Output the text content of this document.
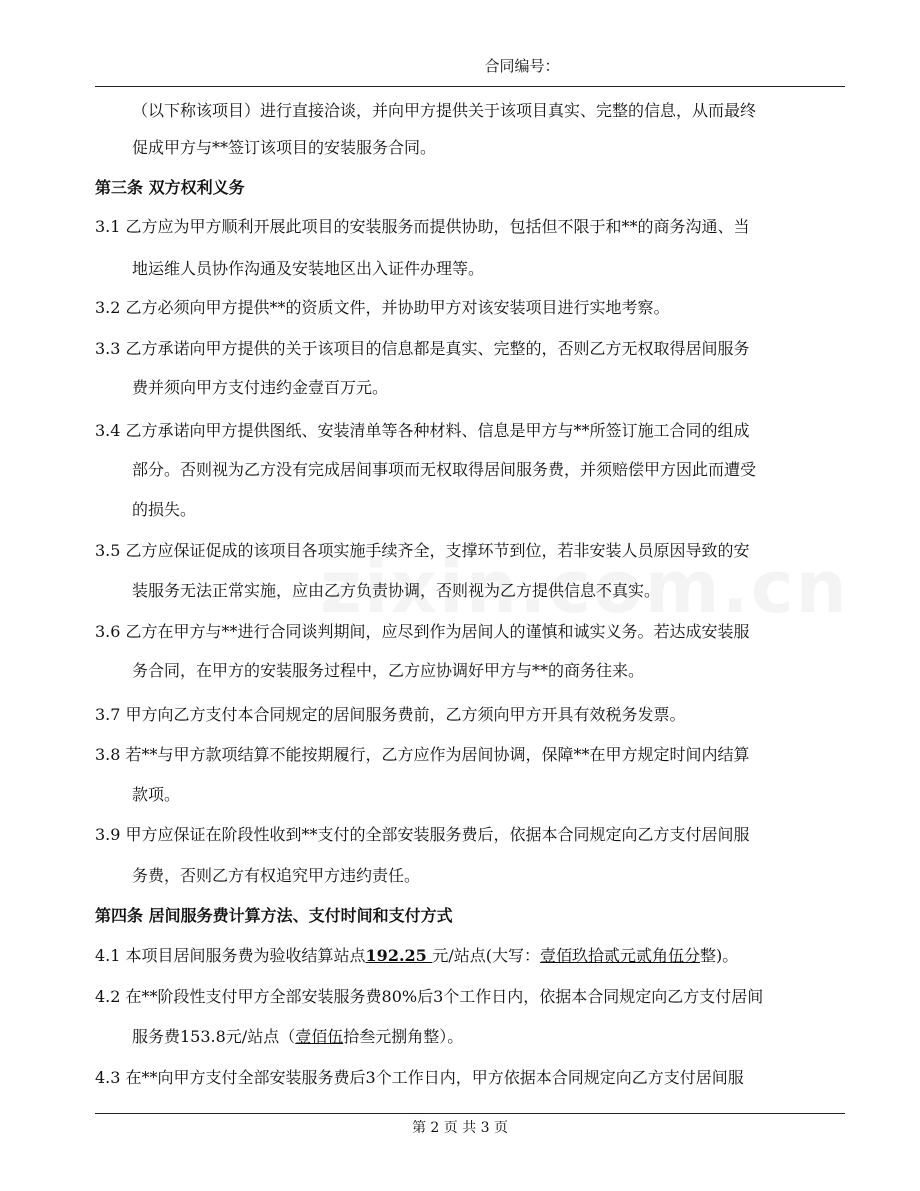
合同编号：
（以下称该项目）进行直接洽谈，并向甲方提供关于该项目真实、完整的信息，从而最终
促成甲方与**签订该项目的安装服务合同。
第三条 双方权利义务
3.1 乙方应为甲方顺利开展此项目的安装服务而提供协助，包括但不限于和**的商务沟通、当
地运维人员协作沟通及安装地区出入证件办理等。
3.2 乙方必须向甲方提供**的资质文件，并协助甲方对该安装项目进行实地考察。
3.3 乙方承诺向甲方提供的关于该项目的信息都是真实、完整的，否则乙方无权取得居间服务
费并须向甲方支付违约金壹百万元。
3.4 乙方承诺向甲方提供图纸、安装清单等各种材料、信息是甲方与**所签订施工合同的组成
部分。否则视为乙方没有完成居间事项而无权取得居间服务费，并须赔偿甲方因此而遭受
的损失。
3.5 乙方应保证促成的该项目各项实施手续齐全，支撑环节到位，若非安装人员原因导致的安
装服务无法正常实施，应由乙方负责协调，否则视为乙方提供信息不真实。
3.6 乙方在甲方与**进行合同谈判期间，应尽到作为居间人的谨慎和诚实义务。若达成安装服
务合同，在甲方的安装服务过程中，乙方应协调好甲方与**的商务往来。
3.7 甲方向乙方支付本合同规定的居间服务费前，乙方须向甲方开具有效税务发票。
3.8 若**与甲方款项结算不能按期履行，乙方应作为居间协调，保障**在甲方规定时间内结算
款项。
3.9 甲方应保证在阶段性收到**支付的全部安装服务费后，依据本合同规定向乙方支付居间服
务费，否则乙方有权追究甲方违约责任。
第四条 居间服务费计算方法、支付时间和支付方式
4.1 本项目居间服务费为验收结算站点192.25 元/站点(大写：壹佰玖拾贰元贰角伍分整)。
4.2 在**阶段性支付甲方全部安装服务费80%后3个工作日内，依据本合同规定向乙方支付居间
服务费153.8元/站点（壹佰伍拾叁元捌角整）。
4.3 在**向甲方支付全部安装服务费后3个工作日内，甲方依据本合同规定向乙方支付居间服
第 2 页 共 3 页
